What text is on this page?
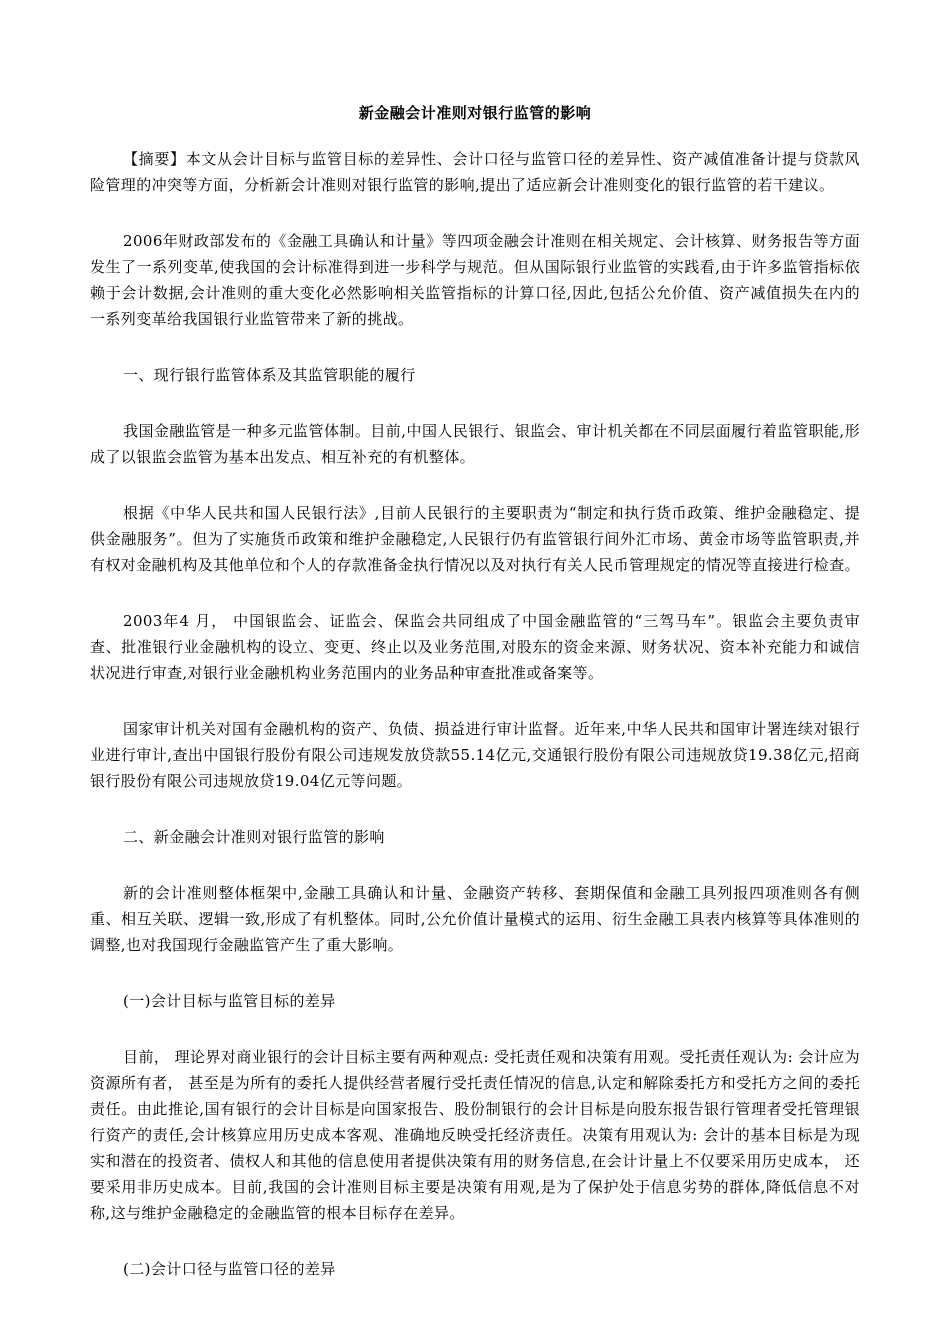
新金融会计准则对银行监管的影响

【摘要】本文从会计目标与监管目标的差异性、会计口径与监管口径的差异性、资产减值准备计提与贷款风险管理的冲突等方面，分析新会计准则对银行监管的影响,提出了适应新会计准则变化的银行监管的若干建议。

2006年财政部发布的《金融工具确认和计量》等四项金融会计准则在相关规定、会计核算、财务报告等方面发生了一系列变革,使我国的会计标准得到进一步科学与规范。但从国际银行业监管的实践看,由于许多监管指标依赖于会计数据,会计准则的重大变化必然影响相关监管指标的计算口径,因此,包括公允价值、资产减值损失在内的一系列变革给我国银行业监管带来了新的挑战。

一、现行银行监管体系及其监管职能的履行

我国金融监管是一种多元监管体制。目前,中国人民银行、银监会、审计机关都在不同层面履行着监管职能,形成了以银监会监管为基本出发点、相互补充的有机整体。

根据《中华人民共和国人民银行法》,目前人民银行的主要职责为“制定和执行货币政策、维护金融稳定、提供金融服务”。但为了实施货币政策和维护金融稳定,人民银行仍有监管银行间外汇市场、黄金市场等监管职责,并有权对金融机构及其他单位和个人的存款准备金执行情况以及对执行有关人民币管理规定的情况等直接进行检查。

2003年4 月， 中国银监会、证监会、保监会共同组成了中国金融监管的“三驾马车”。银监会主要负责审查、批准银行业金融机构的设立、变更、终止以及业务范围,对股东的资金来源、财务状况、资本补充能力和诚信状况进行审查,对银行业金融机构业务范围内的业务品种审查批准或备案等。

国家审计机关对国有金融机构的资产、负债、损益进行审计监督。近年来,中华人民共和国审计署连续对银行业进行审计,查出中国银行股份有限公司违规发放贷款55.14亿元,交通银行股份有限公司违规放贷19.38亿元,招商银行股份有限公司违规放贷19.04亿元等问题。

二、新金融会计准则对银行监管的影响

新的会计准则整体框架中,金融工具确认和计量、金融资产转移、套期保值和金融工具列报四项准则各有侧重、相互关联、逻辑一致,形成了有机整体。同时,公允价值计量模式的运用、衍生金融工具表内核算等具体准则的调整,也对我国现行金融监管产生了重大影响。

(一)会计目标与监管目标的差异

目前， 理论界对商业银行的会计目标主要有两种观点: 受托责任观和决策有用观。受托责任观认为: 会计应为资源所有者， 甚至是为所有的委托人提供经营者履行受托责任情况的信息,认定和解除委托方和受托方之间的委托责任。由此推论,国有银行的会计目标是向国家报告、股份制银行的会计目标是向股东报告银行管理者受托管理银行资产的责任,会计核算应用历史成本客观、准确地反映受托经济责任。决策有用观认为: 会计的基本目标是为现实和潜在的投资者、债权人和其他的信息使用者提供决策有用的财务信息,在会计计量上不仅要采用历史成本， 还要采用非历史成本。目前,我国的会计准则目标主要是决策有用观,是为了保护处于信息劣势的群体,降低信息不对称,这与维护金融稳定的金融监管的根本目标存在差异。

(二)会计口径与监管口径的差异
